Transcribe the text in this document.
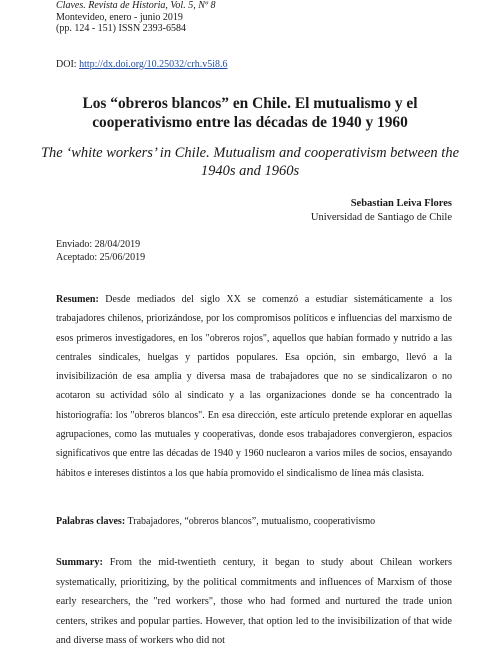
Claves. Revista de Historia, Vol. 5, Nº 8
Montevideo, enero - junio 2019
(pp. 124 - 151) ISSN 2393-6584
DOI: http://dx.doi.org/10.25032/crh.v5i8.6
Los “obreros blancos” en Chile. El mutualismo y el cooperativismo entre las décadas de 1940 y 1960
The ‘white workers’ in Chile. Mutualism and cooperativism between the 1940s and 1960s
Sebastian Leiva Flores
Universidad de Santiago de Chile
Enviado: 28/04/2019
Aceptado: 25/06/2019
Resumen: Desde mediados del siglo XX se comenzó a estudiar sistemáticamente a los trabajadores chilenos, priorizándose, por los compromisos políticos e influencias del marxismo de esos primeros investigadores, en los "obreros rojos", aquellos que habían formado y nutrido a las centrales sindicales, huelgas y partidos populares. Esa opción, sin embargo, llevó a la invisibilización de esa amplia y diversa masa de trabajadores que no se sindicalizaron o no acotaron su actividad sólo al sindicato y a las organizaciones donde se ha concentrado la historiografía: los "obreros blancos". En esa dirección, este artículo pretende explorar en aquellas agrupaciones, como las mutuales y cooperativas, donde esos trabajadores convergieron, espacios significativos que entre las décadas de 1940 y 1960 nuclearon a varios miles de socios, ensayando hábitos e intereses distintos a los que había promovido el sindicalismo de línea más clasista.
Palabras claves: Trabajadores, “obreros blancos”, mutualismo, cooperativismo
Summary: From the mid-twentieth century, it began to study about Chilean workers systematically, prioritizing, by the political commitments and influences of Marxism of those early researchers, the "red workers", those who had formed and nurtured the trade union centers, strikes and popular parties. However, that option led to the invisibilization of that wide and diverse mass of workers who did not
